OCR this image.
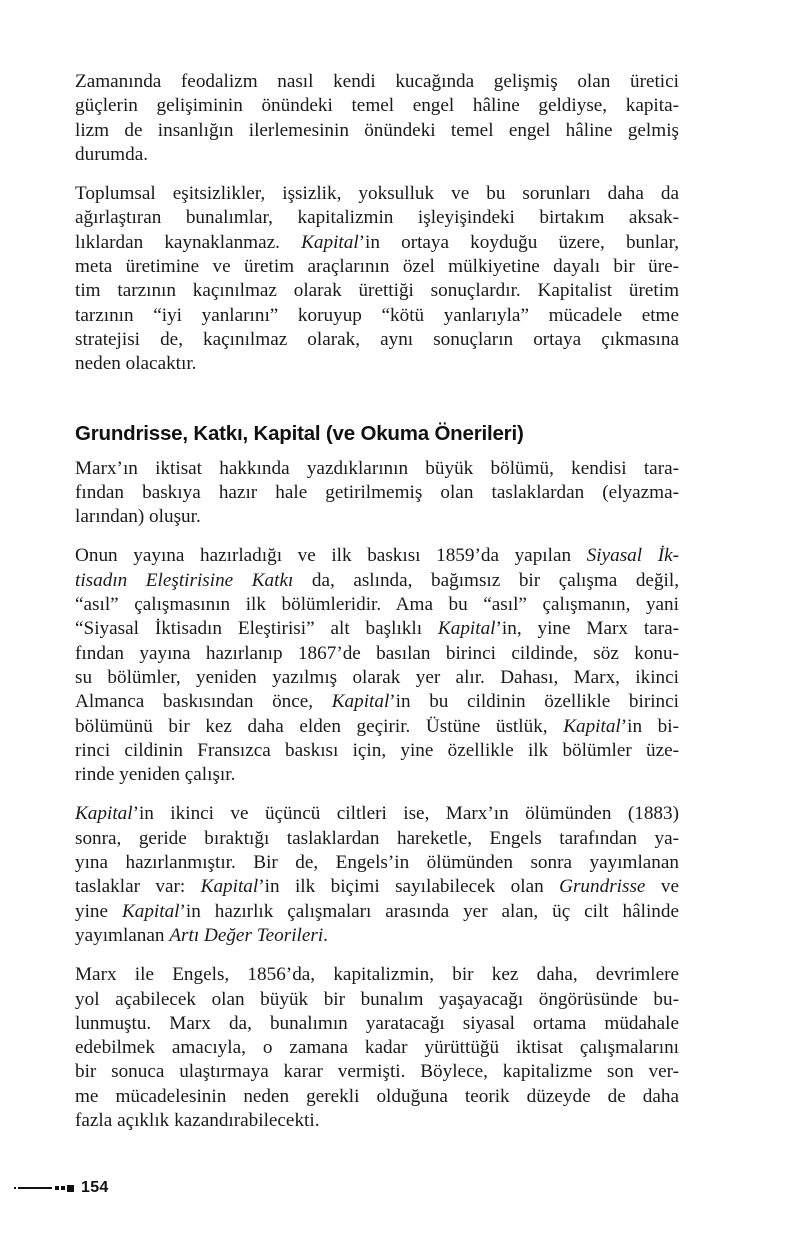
Zamanında feodalizm nasıl kendi kucağında gelişmiş olan üretici
güçlerin gelişiminin önündeki temel engel hâline geldiyse, kapita-
lizm de insanlığın ilerlemesinin önündeki temel engel hâline gelmiş
durumda.

Toplumsal eşitsizlikler, işsizlik, yoksulluk ve bu sorunları daha da
ağırlaştıran bunalımlar, kapitalizmin işleyişindeki birtakım aksak-
lıklardan kaynaklanmaz. Kapital’in ortaya koyduğu üzere, bunlar,
meta üretimine ve üretim araçlarının özel mülkiyetine dayalı bir üre-
tim tarzının kaçınılmaz olarak ürettiği sonuçlardır. Kapitalist üretim
tarzının “iyi yanlarını” koruyup “kötü yanlarıyla” mücadele etme
stratejisi de, kaçınılmaz olarak, aynı sonuçların ortaya çıkmasına
neden olacaktır.

Grundrisse, Katkı, Kapital (ve Okuma Önerileri)

Marx’ın iktisat hakkında yazdıklarının büyük bölümü, kendisi tara-
fından baskıya hazır hale getirilmemiş olan taslaklardan (elyazma-
larından) oluşur.

Onun yayına hazırladığı ve ilk baskısı 1859’da yapılan Siyasal İk-
tisadın Eleştirisine Katkı da, aslında, bağımsız bir çalışma değil,
“asıl” çalışmasının ilk bölümleridir. Ama bu “asıl” çalışmanın, yani
“Siyasal İktisadın Eleştirisi” alt başlıklı Kapital’in, yine Marx tara-
fından yayına hazırlanıp 1867’de basılan birinci cildinde, söz konu-
su bölümler, yeniden yazılmış olarak yer alır. Dahası, Marx, ikinci
Almanca baskısından önce, Kapital’in bu cildinin özellikle birinci
bölümünü bir kez daha elden geçirir. Üstüne üstlük, Kapital’in bi-
rinci cildinin Fransızca baskısı için, yine özellikle ilk bölümler üze-
rinde yeniden çalışır.

Kapital’in ikinci ve üçüncü ciltleri ise, Marx’ın ölümünden (1883)
sonra, geride bıraktığı taslaklardan hareketle, Engels tarafından ya-
yına hazırlanmıştır. Bir de, Engels’in ölümünden sonra yayımlanan
taslaklar var: Kapital’in ilk biçimi sayılabilecek olan Grundrisse ve
yine Kapital’in hazırlık çalışmaları arasında yer alan, üç cilt hâlinde
yayımlanan Artı Değer Teorileri.

Marx ile Engels, 1856’da, kapitalizmin, bir kez daha, devrimlere
yol açabilecek olan büyük bir bunalım yaşayacağı öngörüsünde bu-
lunmuştu. Marx da, bunalımın yaratacağı siyasal ortama müdahale
edebilmek amacıyla, o zamana kadar yürüttüğü iktisat çalışmalarını
bir sonuca ulaştırmaya karar vermişti. Böylece, kapitalizme son ver-
me mücadelesinin neden gerekli olduğuna teorik düzeyde de daha
fazla açıklık kazandırabilecekti.

154
